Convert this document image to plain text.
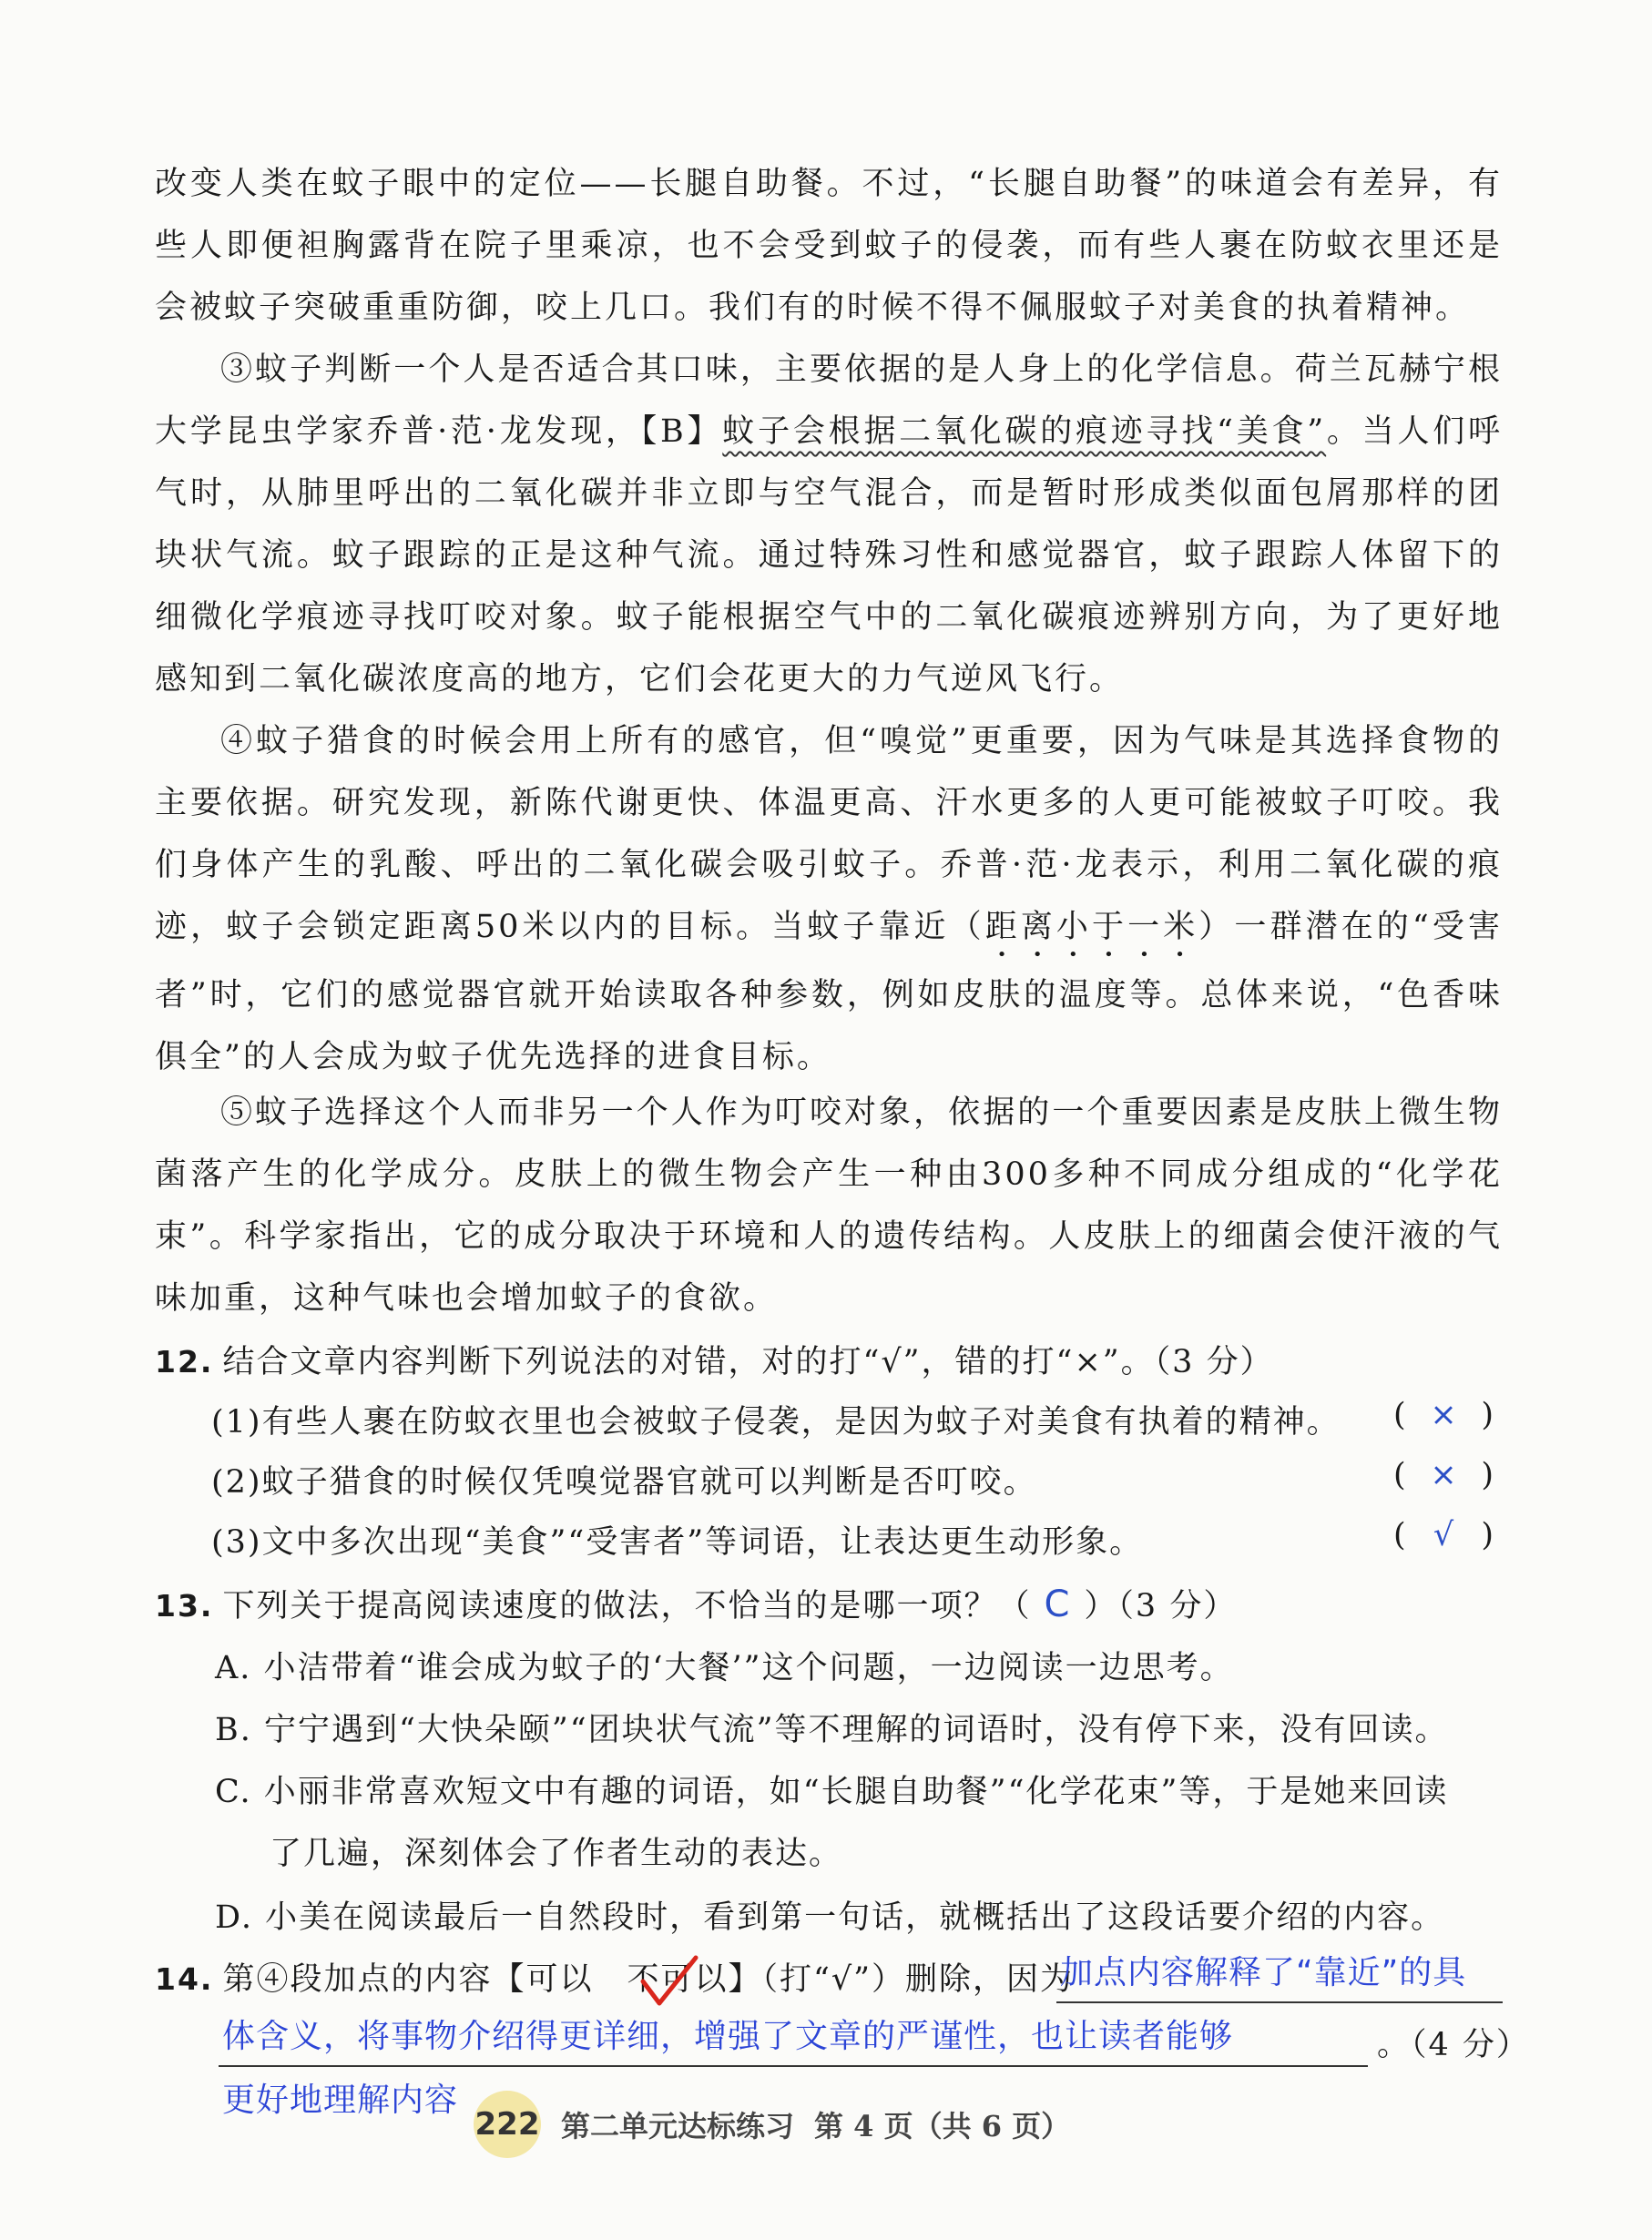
改变人类在蚊子眼中的定位——长腿自助餐。不过，“长腿自助餐”的味道会有差异，有些人即便袒胸露背在院子里乘凉，也不会受到蚊子的侵袭，而有些人裹在防蚊衣里还是会被蚊子突破重重防御，咬上几口。我们有的时候不得不佩服蚊子对美食的执着精神。
③蚊子判断一个人是否适合其口味，主要依据的是人身上的化学信息。荷兰瓦赫宁根大学昆虫学家乔普·范·龙发现，【B】蚊子会根据二氧化碳的痕迹寻找“美食”。当人们呼气时，从肺里呼出的二氧化碳并非立即与空气混合，而是暂时形成类似面包屑那样的团块状气流。蚊子跟踪的正是这种气流。通过特殊习性和感觉器官，蚊子跟踪人体留下的细微化学痕迹寻找叮咬对象。蚊子能根据空气中的二氧化碳痕迹辨别方向，为了更好地感知到二氧化碳浓度高的地方，它们会花更大的力气逆风飞行。
④蚊子猎食的时候会用上所有的感官，但“嗅觉”更重要，因为气味是其选择食物的主要依据。研究发现，新陈代谢更快、体温更高、汗水更多的人更可能被蚊子叮咬。我们身体产生的乳酸、呼出的二氧化碳会吸引蚊子。乔普·范·龙表示，利用二氧化碳的痕迹，蚊子会锁定距离50米以内的目标。当蚊子靠近（距离小于一米）一群潜在的“受害者”时，它们的感觉器官就开始读取各种参数，例如皮肤的温度等。总体来说，“色香味俱全”的人会成为蚊子优先选择的进食目标。
⑤蚊子选择这个人而非另一个人作为叮咬对象，依据的一个重要因素是皮肤上微生物菌落产生的化学成分。皮肤上的微生物会产生一种由300多种不同成分组成的“化学花束”。科学家指出，它的成分取决于环境和人的遗传结构。人皮肤上的细菌会使汗液的气味加重，这种气味也会增加蚊子的食欲。
12. 结合文章内容判断下列说法的对错，对的打“√”，错的打“×”。（3 分）
(1)有些人裹在防蚊衣里也会被蚊子侵袭，是因为蚊子对美食有执着的精神。 ( × )
(2)蚊子猎食的时候仅凭嗅觉器官就可以判断是否叮咬。	( × )
(3)文中多次出现“美食”“受害者”等词语，让表达更生动形象。	( √ )
13. 下列关于提高阅读速度的做法，不恰当的是哪一项？（ C ）（3 分）
A. 小洁带着“谁会成为蚊子的‘大餐’”这个问题，一边阅读一边思考。
B. 宁宁遇到“大快朵颐”“团块状气流”等不理解的词语时，没有停下来，没有回读。
C. 小丽非常喜欢短文中有趣的词语，如“长腿自助餐”“化学花束”等，于是她来回读
了几遍，深刻体会了作者生动的表达。
D. 小美在阅读最后一自然段时，看到第一句话，就概括出了这段话要介绍的内容。
14. 第④段加点的内容【可以　不可以】（打“√”）删除，因为
加点内容解释了“靠近”的具
体含义，将事物介绍得更详细，增强了文章的严谨性，也让读者能够	。（4 分）
更好地理解内容
222 第二单元达标练习 第 4 页（共 6 页）
